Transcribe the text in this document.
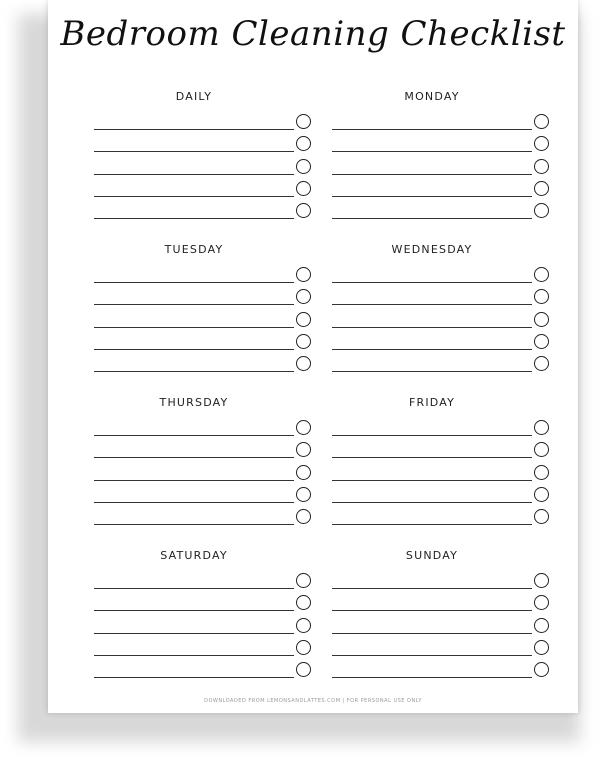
Bedroom Cleaning Checklist
DAILY	MONDAY
TUESDAY	WEDNESDAY
THURSDAY	FRIDAY
SATURDAY	SUNDAY
DOWNLOADED FROM LEMONSANDLATTES.COM | FOR PERSONAL USE ONLY
